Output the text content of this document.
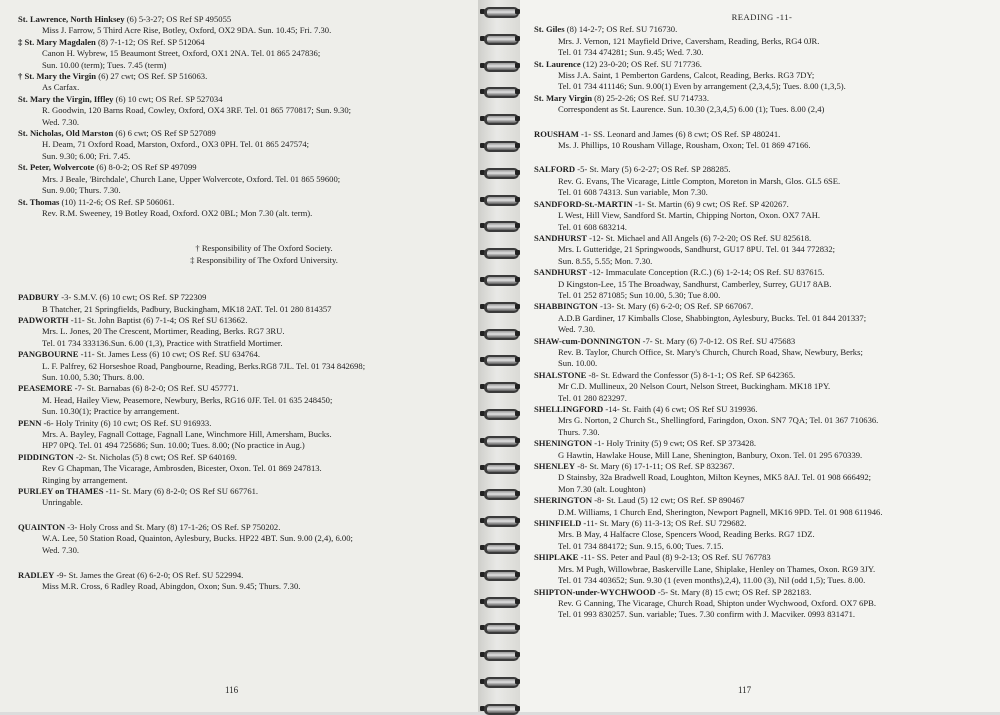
St. Lawrence, North Hinksey (6) 5-3-27; OS Ref SP 495055
Miss J. Farrow, 5 Third Acre Rise, Botley, Oxford, OX2 9DA. Sun. 10.45; Fri. 7.30.
‡ St. Mary Magdalen (8) 7-1-12; OS Ref. SP 512064
Canon H. Wybrew, 15 Beaumont Street, Oxford, OX1 2NA. Tel. 01 865 247836;
Sun. 10.00 (term); Tues. 7.45 (term)
† St. Mary the Virgin (6) 27 cwt; OS Ref. SP 516063.
As Carfax.
St. Mary the Virgin, Iffley (6) 10 cwt; OS Ref. SP 527034
R. Goodwin, 120 Barns Road, Cowley, Oxford, OX4 3RF. Tel. 01 865 770817; Sun. 9.30;
Wed. 7.30.
St. Nicholas, Old Marston (6) 6 cwt; OS Ref SP 527089
H. Deam, 71 Oxford Road, Marston, Oxford., OX3 0PH. Tel. 01 865 247574;
Sun. 9.30; 6.00; Fri. 7.45.
St. Peter, Wolvercote (6) 8-0-2; OS Ref SP 497099
Mrs. J Beale, 'Birchdale', Church Lane, Upper Wolvercote, Oxford. Tel. 01 865 59600;
Sun. 9.00; Thurs. 7.30.
St. Thomas (10) 11-2-6; OS Ref. SP 506061.
Rev. R.M. Sweeney, 19 Botley Road, Oxford. OX2 0BL; Mon 7.30 (alt. term).
† Responsibility of The Oxford Society.
‡ Responsibility of The Oxford University.
PADBURY -3- S.M.V. (6) 10 cwt; OS Ref. SP 722309
B Thatcher, 21 Springfields, Padbury, Buckingham, MK18 2AT. Tel. 01 280 814357
PADWORTH -11- St. John Baptist (6) 7-1-4; OS Ref SU 613662.
Mrs. L. Jones, 20 The Crescent, Mortimer, Reading, Berks. RG7 3RU.
Tel. 01 734 333136.Sun. 6.00 (1,3), Practice with Stratfield Mortimer.
PANGBOURNE -11- St. James Less (6) 10 cwt; OS Ref. SU 634764.
L. F. Palfrey, 62 Horseshoe Road, Pangbourne, Reading, Berks.RG8 7JL. Tel. 01 734 842698;
Sun. 10.00, 5.30; Thurs. 8.00.
PEASEMORE -7- St. Barnabas (6) 8-2-0; OS Ref. SU 457771.
M. Head, Hailey View, Peasemore, Newbury, Berks, RG16 0JF. Tel. 01 635 248450;
Sun. 10.30(1); Practice by arrangement.
PENN -6- Holy Trinity (6) 10 cwt; OS Ref. SU 916933.
Mrs. A. Bayley, Fagnall Cottage, Fagnall Lane, Winchmore Hill, Amersham, Bucks.
HP7 0PQ. Tel. 01 494 725686; Sun. 10.00; Tues. 8.00; (No practice in Aug.)
PIDDINGTON -2- St. Nicholas (5) 8 cwt; OS Ref. SP 640169.
Rev G Chapman, The Vicarage, Ambrosden, Bicester, Oxon. Tel. 01 869 247813.
Ringing by arrangement.
PURLEY on THAMES -11- St. Mary (6) 8-2-0; OS Ref SU 667761.
Unringable.
QUAINTON -3- Holy Cross and St. Mary (8) 17-1-26; OS Ref. SP 750202.
W.A. Lee, 50 Station Road, Quainton, Aylesbury, Bucks. HP22 4BT. Sun. 9.00 (2,4), 6.00;
Wed. 7.30.
RADLEY -9- St. James the Great (6) 6-2-0; OS Ref. SU 522994.
Miss M.R. Cross, 6 Radley Road, Abingdon, Oxon; Sun. 9.45; Thurs. 7.30.
116
READING -11-
St. Giles (8) 14-2-7; OS Ref. SU 716730.
Mrs. J. Vernon, 121 Mayfield Drive, Caversham, Reading, Berks, RG4 0JR.
Tel. 01 734 474281; Sun. 9.45; Wed. 7.30.
St. Laurence (12) 23-0-20; OS Ref. SU 717736.
Miss J.A. Saint, 1 Pemberton Gardens, Calcot, Reading, Berks. RG3 7DY;
Tel. 01 734 411146; Sun. 9.00(1) Even by arrangement (2,3,4,5); Tues. 8.00 (1,3,5).
St. Mary Virgin (8) 25-2-26; OS Ref. SU 714733.
Correspondent as St. Laurence. Sun. 10.30 (2,3,4,5) 6.00 (1); Tues. 8.00 (2,4)
ROUSHAM -1- SS. Leonard and James (6) 8 cwt; OS Ref. SP 480241.
Ms. J. Phillips, 10 Rousham Village, Rousham, Oxon; Tel. 01 869 47166.
SALFORD -5- St. Mary (5) 6-2-27; OS Ref. SP 288285.
Rev. G. Evans, The Vicarage, Little Compton, Moreton in Marsh, Glos. GL5 6SE.
Tel. 01 608 74313. Sun variable, Mon 7.30.
SANDFORD-St.-MARTIN -1- St. Martin (6) 9 cwt; OS Ref. SP 420267.
L West, Hill View, Sandford St. Martin, Chipping Norton, Oxon. OX7 7AH.
Tel. 01 608 683214.
SANDHURST -12- St. Michael and All Angels (6) 7-2-20; OS Ref. SU 825618.
Mrs. L Gutteridge, 21 Springwoods, Sandhurst, GU17 8PU. Tel. 01 344 772832;
Sun. 8.55, 5.55; Mon. 7.30.
SANDHURST -12- Immaculate Conception (R.C.) (6) 1-2-14; OS Ref. SU 837615.
D Kingston-Lee, 15 The Broadway, Sandhurst, Camberley, Surrey, GU17 8AB.
Tel. 01 252 871085; Sun 10.00, 5.30; Tue 8.00.
SHABBINGTON -13- St. Mary (6) 6-2-0; OS Ref. SP 667067.
A.D.B Gardiner, 17 Kimballs Close, Shabbington, Aylesbury, Bucks. Tel. 01 844 201337;
Wed. 7.30.
SHAW-cum-DONNINGTON -7- St. Mary (6) 7-0-12. OS Ref. SU 475683
Rev. B. Taylor, Church Office, St. Mary's Church, Church Road, Shaw, Newbury, Berks;
Sun. 10.00.
SHALSTONE -8- St. Edward the Confessor (5) 8-1-1; OS Ref. SP 642365.
Mr C.D. Mullineux, 20 Nelson Court, Nelson Street, Buckingham. MK18 1PY.
Tel. 01 280 823297.
SHELLINGFORD -14- St. Faith (4) 6 cwt; OS Ref SU 319936.
Mrs G. Norton, 2 Church St., Shellingford, Faringdon, Oxon. SN7 7QA; Tel. 01 367 710636.
Thurs. 7.30.
SHENINGTON -1- Holy Trinity (5) 9 cwt; OS Ref. SP 373428.
G Hawtin, Hawlake House, Mill Lane, Shenington, Banbury, Oxon. Tel. 01 295 670339.
SHENLEY -8- St. Mary (6) 17-1-11; OS Ref. SP 832367.
D Stainsby, 32a Bradwell Road, Loughton, Milton Keynes, MK5 8AJ. Tel. 01 908 666492;
Mon 7.30 (alt. Loughton)
SHERINGTON -8- St. Laud (5) 12 cwt; OS Ref. SP 890467
D.M. Williams, 1 Church End, Sherington, Newport Pagnell, MK16 9PD. Tel. 01 908 611946.
SHINFIELD -11- St. Mary (6) 11-3-13; OS Ref. SU 729682.
Mrs. B May, 4 Halfacre Close, Spencers Wood, Reading Berks. RG7 1DZ.
Tel. 01 734 884172; Sun. 9.15, 6.00; Tues. 7.15.
SHIPLAKE -11- SS. Peter and Paul (8) 9-2-13; OS Ref. SU 767783
Mrs. M Pugh, Willowbrae, Baskerville Lane, Shiplake, Henley on Thames, Oxon. RG9 3JY.
Tel. 01 734 403652; Sun. 9.30 (1 (even months),2,4), 11.00 (3), Nil (odd 1,5); Tues. 8.00.
SHIPTON-under-WYCHWOOD -5- St. Mary (8) 15 cwt; OS Ref. SP 282183.
Rev. G Canning, The Vicarage, Church Road, Shipton under Wychwood, Oxford. OX7 6PB.
Tel. 01 993 830257. Sun. variable; Tues. 7.30 confirm with J. Macviker. 0993 831471.
117
